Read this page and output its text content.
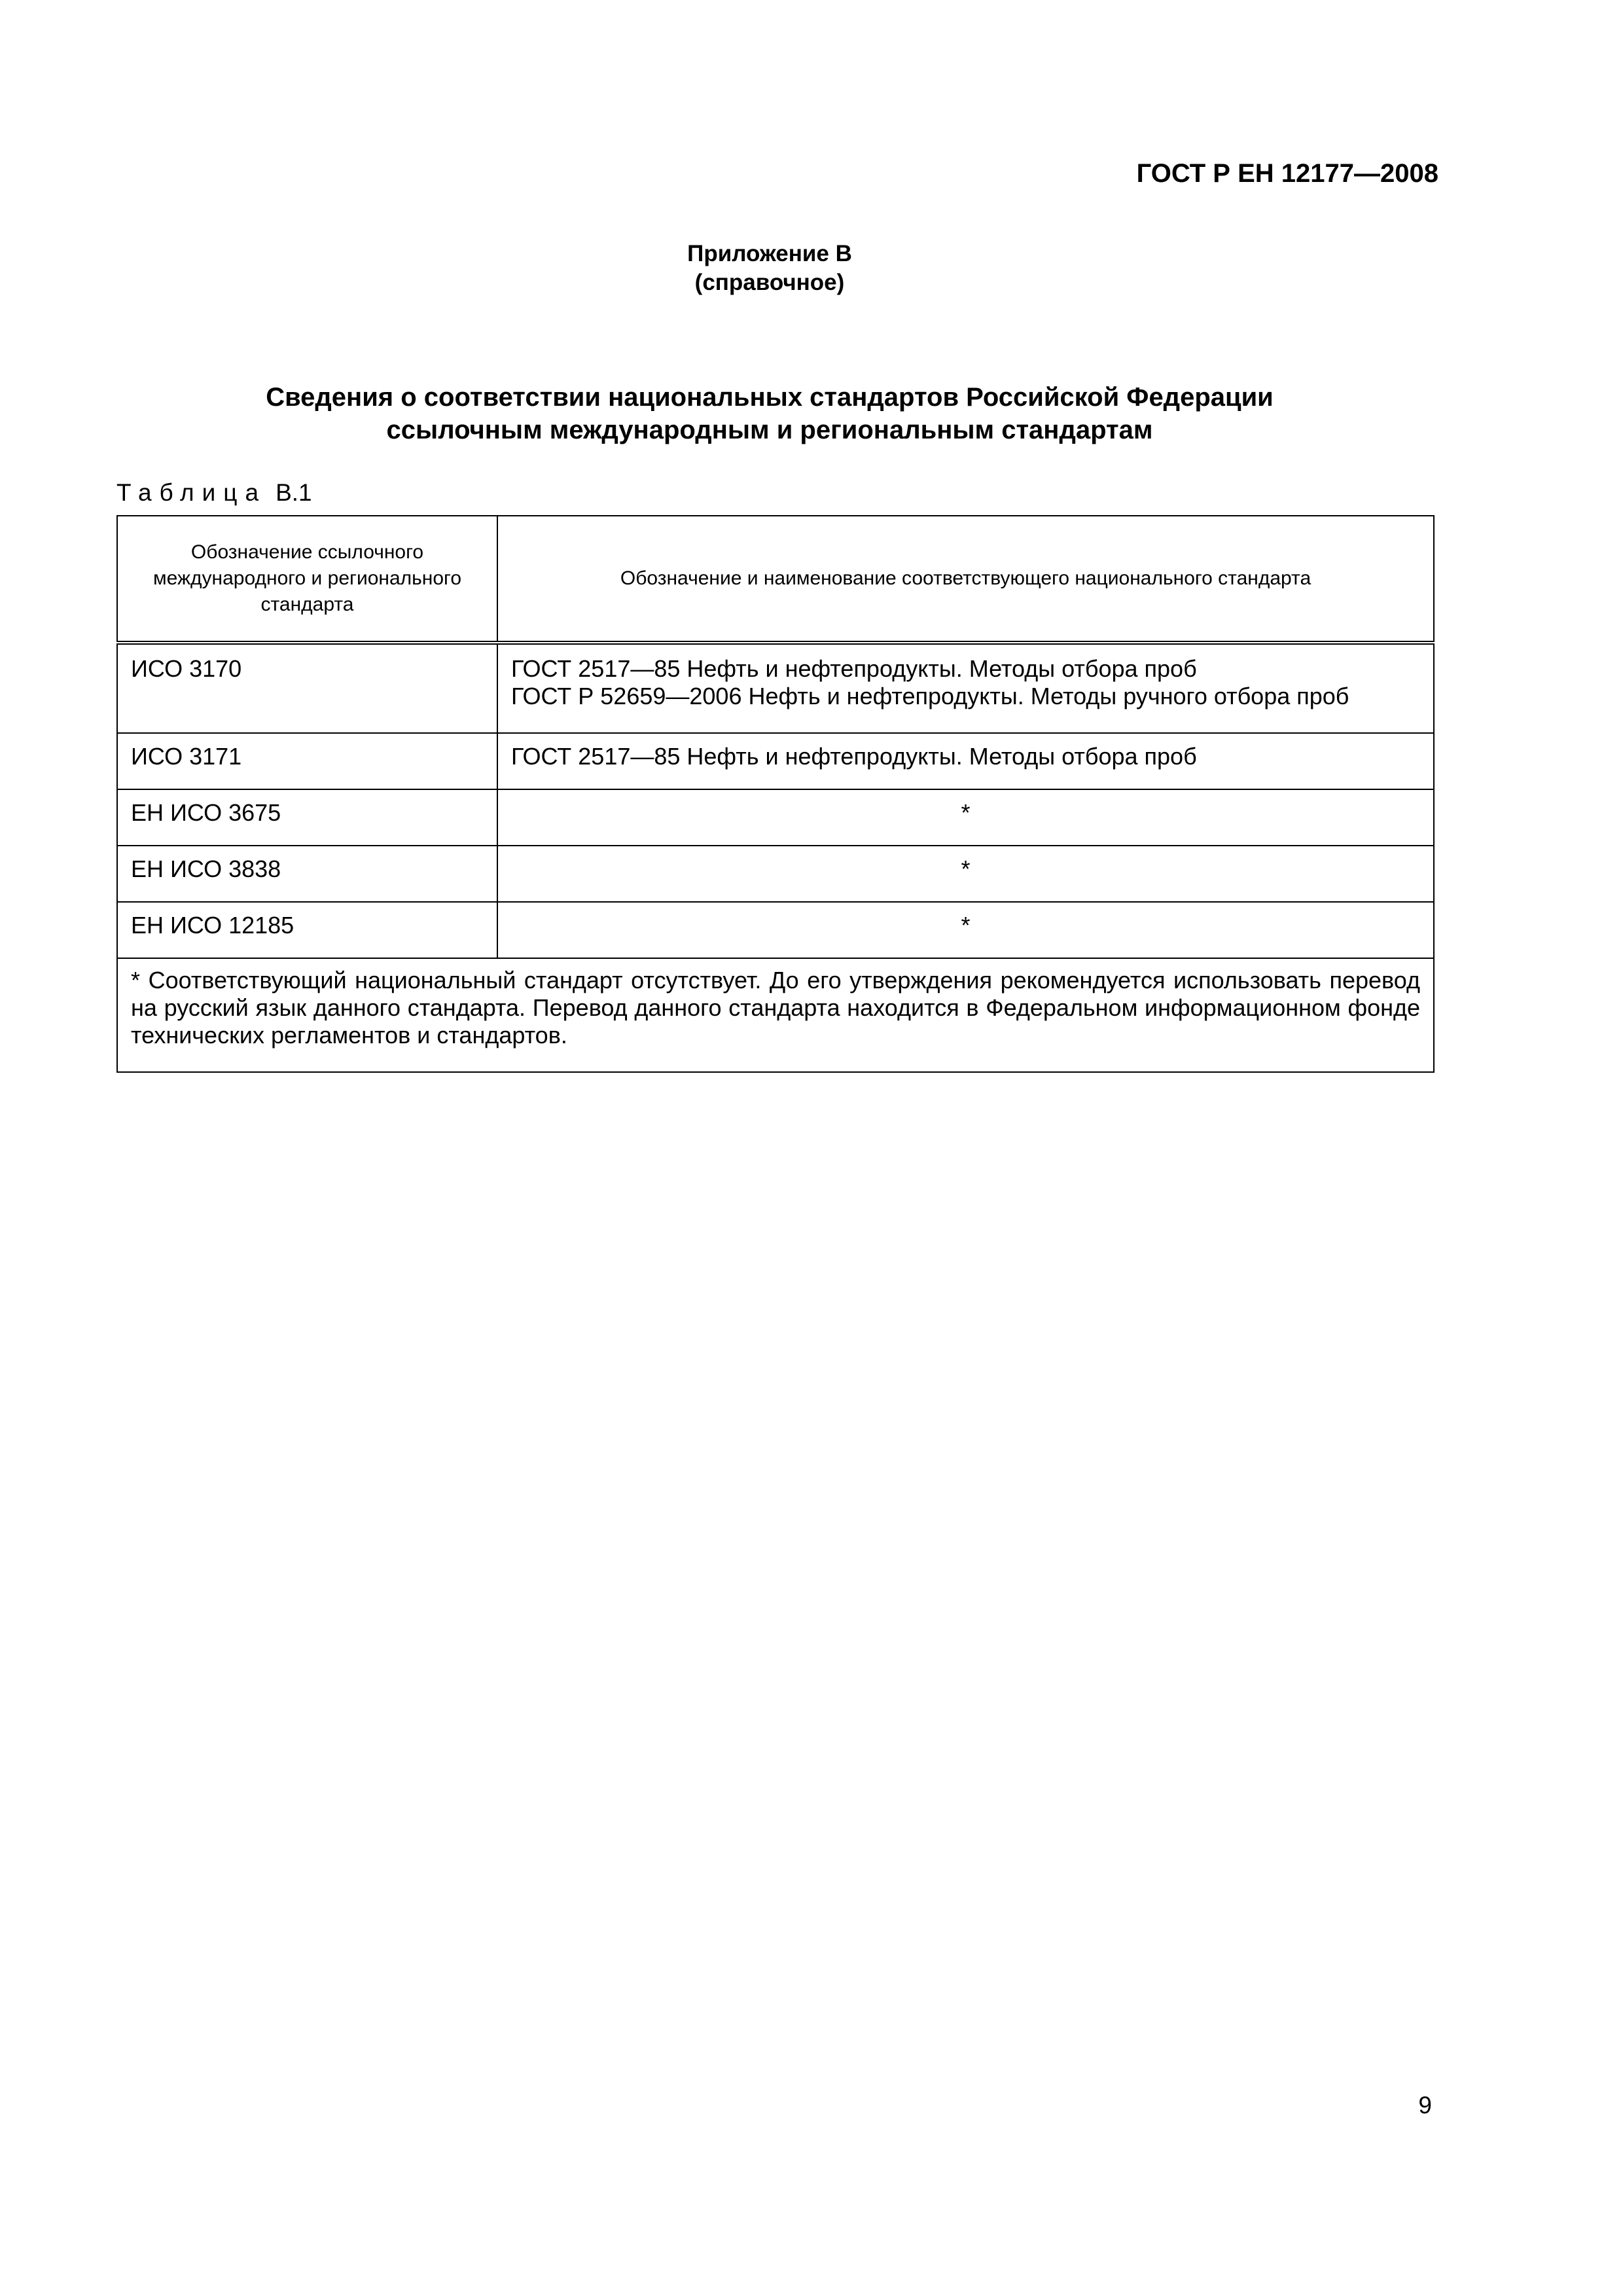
ГОСТ Р ЕН 12177—2008
Приложение В
(справочное)
Сведения о соответствии национальных стандартов Российской Федерации
ссылочным международным и региональным стандартам
Таблица В.1
Обозначение ссылочного международного и регионального стандарта	Обозначение и наименование соответствующего национального стандарта
ИСО 3170	ГОСТ 2517—85 Нефть и нефтепродукты. Методы отбора проб
ГОСТ Р 52659—2006 Нефть и нефтепродукты. Методы ручного отбора проб

ИСО 3171	ГОСТ 2517—85 Нефть и нефтепродукты. Методы отбора проб

ЕН ИСО 3675	*
ЕН ИСО 3838	*
ЕН ИСО 12185	*
* Соответствующий национальный стандарт отсутствует. До его утверждения рекомендуется использовать перевод на русский язык данного стандарта. Перевод данного стандарта находится в Федеральном информационном фонде технических регламентов и стандартов.	
9
